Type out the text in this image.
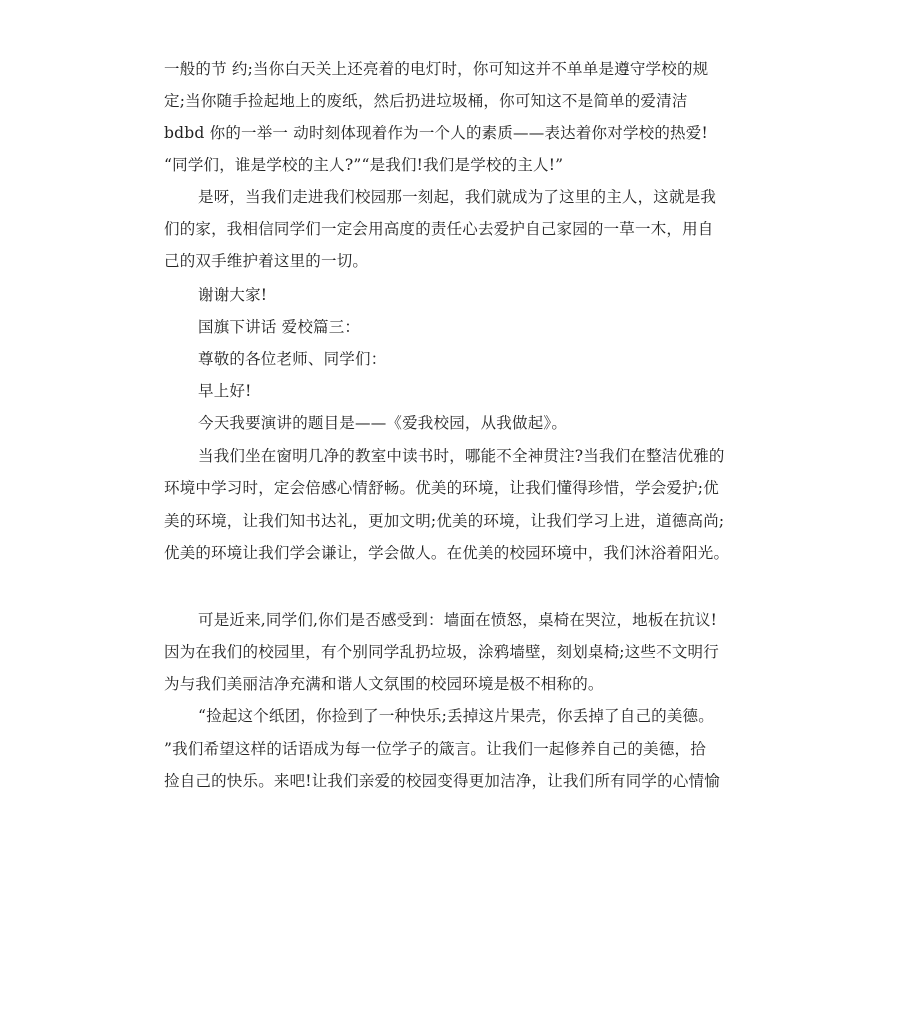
一般的节 约;当你白天关上还亮着的电灯时，你可知这并不单单是遵守学校的规
定;当你随手捡起地上的废纸，然后扔进垃圾桶，你可知这不是简单的爱清洁
bdbd 你的一举一 动时刻体现着作为一个人的素质——表达着你对学校的热爱!
“同学们，谁是学校的主人?”“是我们!我们是学校的主人!”
是呀，当我们走进我们校园那一刻起，我们就成为了这里的主人，这就是我
们的家，我相信同学们一定会用高度的责任心去爱护自己家园的一草一木，用自
己的双手维护着这里的一切。
谢谢大家!
国旗下讲话 爱校篇三：
尊敬的各位老师、同学们：
早上好!
今天我要演讲的题目是——《爱我校园，从我做起》。
当我们坐在窗明几净的教室中读书时，哪能不全神贯注?当我们在整洁优雅的
环境中学习时，定会倍感心情舒畅。优美的环境，让我们懂得珍惜，学会爱护;优
美的环境，让我们知书达礼，更加文明;优美的环境，让我们学习上进，道德高尚;
优美的环境让我们学会谦让，学会做人。在优美的校园环境中，我们沐浴着阳光。
可是近来,同学们,你们是否感受到：墙面在愤怒，桌椅在哭泣，地板在抗议!
因为在我们的校园里，有个别同学乱扔垃圾，涂鸦墙壁，刻划桌椅;这些不文明行
为与我们美丽洁净充满和谐人文氛围的校园环境是极不相称的。
“捡起这个纸团，你捡到了一种快乐;丢掉这片果壳，你丢掉了自己的美德。
”我们希望这样的话语成为每一位学子的箴言。让我们一起修养自己的美德，拾
捡自己的快乐。来吧!让我们亲爱的校园变得更加洁净，让我们所有同学的心情愉
